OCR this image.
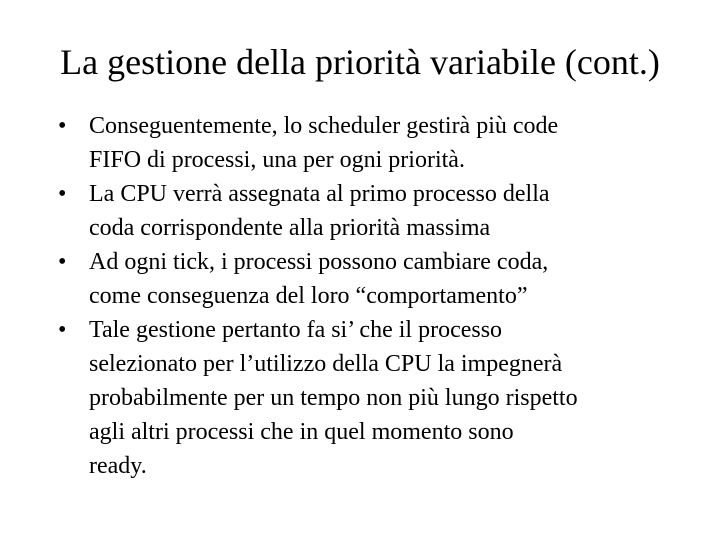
La gestione della priorità variabile (cont.)
• Conseguentemente, lo scheduler gestirà più code
FIFO di processi, una per ogni priorità.
• La CPU verrà assegnata al primo processo della
coda corrispondente alla priorità massima
• Ad ogni tick, i processi possono cambiare coda,
come conseguenza del loro “comportamento”
• Tale gestione pertanto fa si’ che il processo
selezionato per l’utilizzo della CPU la impegnerà
probabilmente per un tempo non più lungo rispetto
agli altri processi che in quel momento sono
ready.
